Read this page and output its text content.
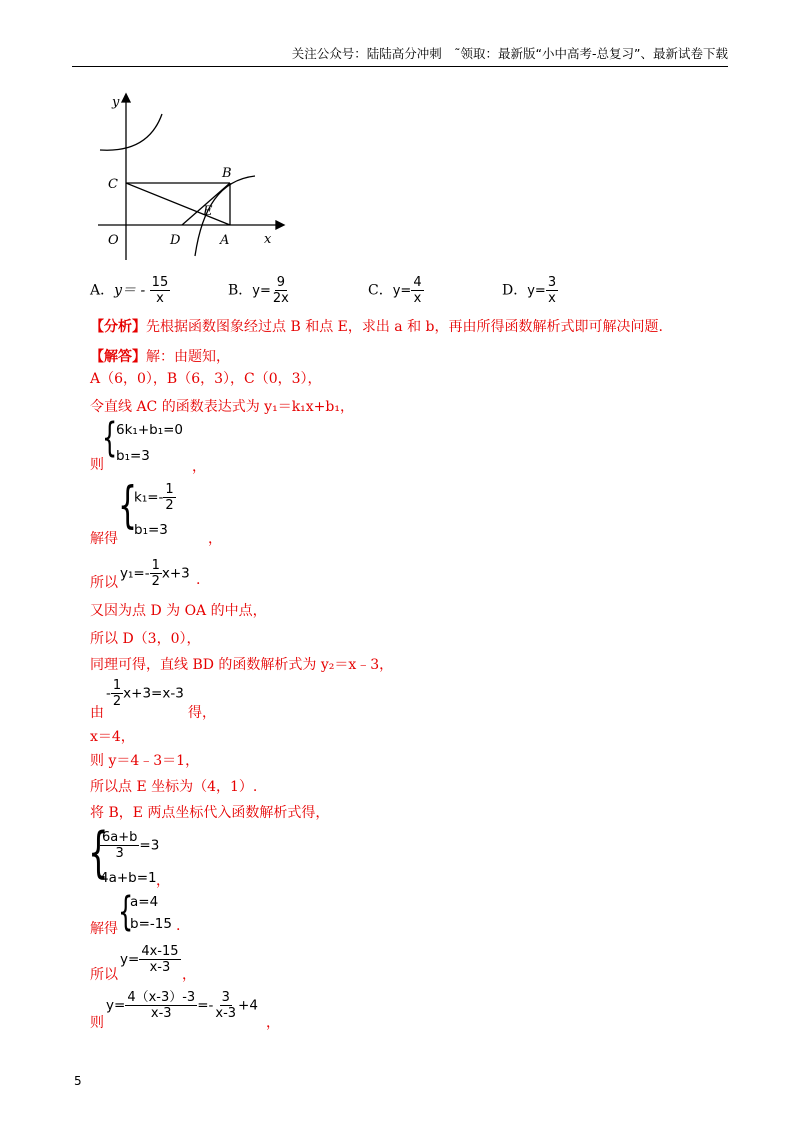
关注公众号：陆陆高分冲刺　˜领取：最新版“小中高考-总复习”、最新试卷下载
y
x
O
C
B
E
D	A
A．$y= - \frac{15}{x}$	B．$y= \frac{9}{2x}$	C．$y= \frac{4}{x}$	D．$y= \frac{3}{x}$
【分析】先根据函数图象经过点 B 和点 E，求出 a 和 b，再由所得函数解析式即可解决问题.
【解答】解：由题知，
A（6，0），B（6，3），C（0，3），
令直线 AC 的函数表达式为 y₁＝k₁x+b₁，
则
{
6k₁+b₁=0
b₁=3
，
解得
{
$k_1=- \frac{1}{2}$
b₁=3
，
所以
$y_1=- \frac{1}{2} x+3$ .
又因为点 D 为 OA 的中点，
所以 D（3，0），
同理可得，直线 BD 的函数解析式为 y₂＝x﹣3，
由
- $\frac{1}{2} x+3=x-3$
得，
x＝4，
则 y＝4﹣3＝1，
所以点 E 坐标为（4，1）.
将 B，E 两点坐标代入函数解析式得，
{
$\frac{6a+b}{3} =3$
4a+b=1 ，
解得 {
a=4
b=-15 .
所以
$y= \frac{4x-15}{x-3}$ ，
则
$y= \frac{4(x-3)-3}{x-3} =- \frac{3}{x-3} +4$
，
5
